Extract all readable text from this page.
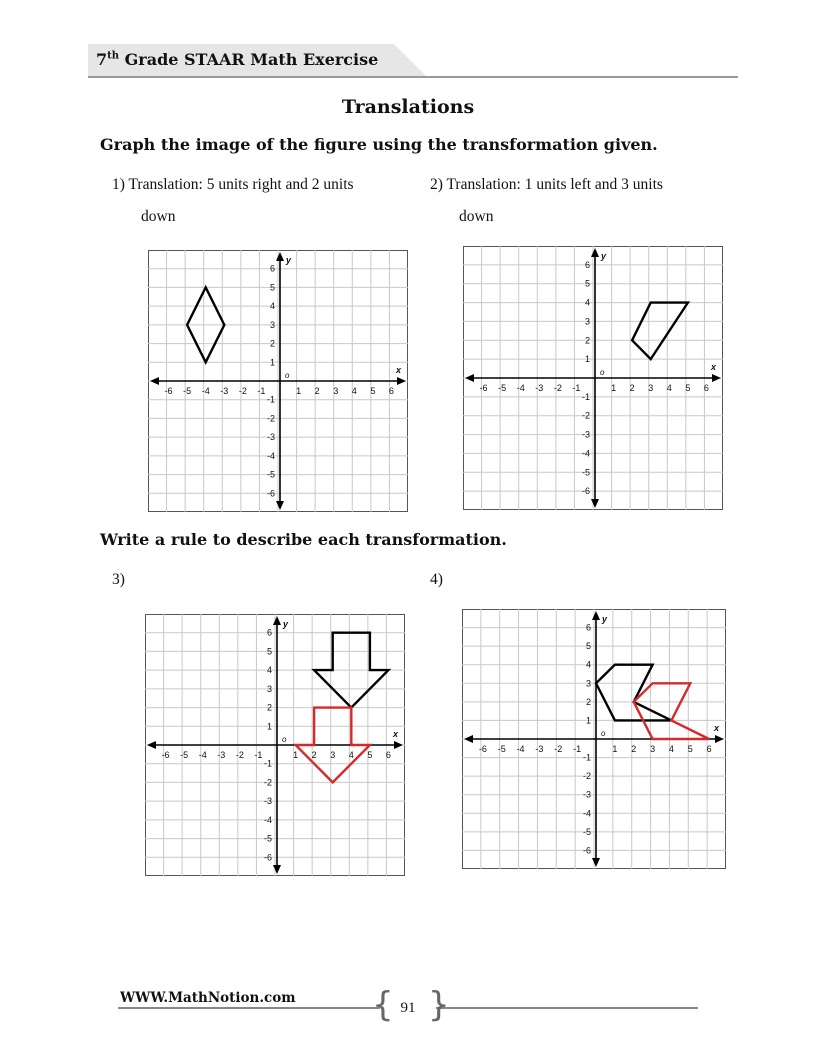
7th Grade STAAR Math Exercise
Translations
Graph the image of the figure using the transformation given.
1) Translation: 5 units right and 2 units
down
2) Translation: 1 units left and 3 units
down
-6 -5 -4 -3 -2 -1	1 2 3 4 5 6
6
5
4
3
2
1
-1
-2
-3
-4
-5
-6
o
x
y
-6 -5 -4 -3 -2 -1	1 2 3 4 5 6
6
5
4
3
2
1
-1
-2
-3
-4
-5
-6
o
x
y
Write a rule to describe each transformation.
3)	4)
-6 -5 -4 -3 -2 -1	1 2 3 4 5 6
6
5
4
3
2
1
-1
-2
-3
-4
-5
-6
o
x
y
-6 -5 -4 -3 -2 -1	1 2 3 4 5 6
6
5
4
3
2
1
-1
-2
-3
-4
-5
-6
o
x
y
WWW.MathNotion.com { }
91
